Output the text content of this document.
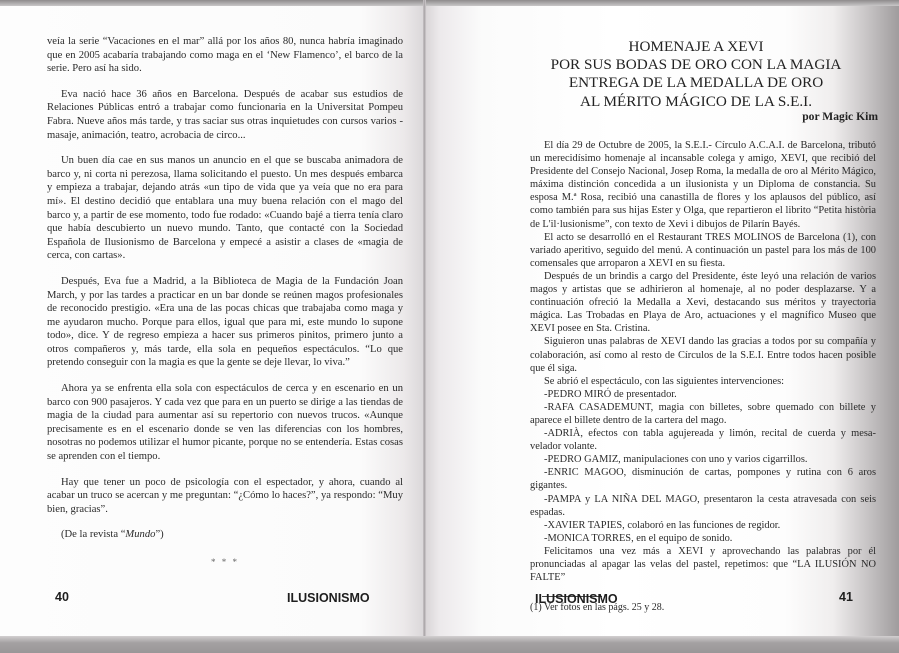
veía la serie “Vacaciones en el mar” allá por los años 80, nunca habría imaginado que en 2005 acabaría trabajando como maga en el ‘New Flamenco’, el barco de la serie. Pero así ha sido.

Eva nació hace 36 años en Barcelona. Después de acabar sus estudios de Relaciones Públicas entró a trabajar como funcionaria en la Universitat Pompeu Fabra. Nueve años más tarde, y tras saciar sus otras inquietudes con cursos varios -masaje, animación, teatro, acrobacia de circo...

Un buen día cae en sus manos un anuncio en el que se buscaba animadora de barco y, ni corta ni perezosa, llama solicitando el puesto. Un mes después embarca y empieza a trabajar, dejando atrás «un tipo de vida que ya veía que no era para mí». El destino decidió que entablara una muy buena relación con el mago del barco y, a partir de ese momento, todo fue rodado: «Cuando bajé a tierra tenía claro que había descubierto un nuevo mundo. Tanto, que contacté con la Sociedad Española de Ilusionismo de Barcelona y empecé a asistir a clases de «magia de cerca, con cartas».

Después, Eva fue a Madrid, a la Biblioteca de Magia de la Fundación Joan March, y por las tardes a practicar en un bar donde se reúnen magos profesionales de reconocido prestigio. «Era una de las pocas chicas que trabajaba como maga y me ayudaron mucho. Porque para ellos, igual que para mi, este mundo lo supone todo», dice. Y de regreso empieza a hacer sus primeros pinitos, primero junto a otros compañeros y, más tarde, ella sola en pequeños espectáculos. “Lo que pretendo conseguir con la magia es que la gente se deje llevar, lo viva.”

Ahora ya se enfrenta ella sola con espectáculos de cerca y en escenario en un barco con 900 pasajeros. Y cada vez que para en un puerto se dirige a las tiendas de magia de la ciudad para aumentar así su repertorio con nuevos trucos. «Aunque precisamente es en el escenario donde se ven las diferencias con los hombres, nosotras no podemos utilizar el humor picante, porque no se entendería. Estas cosas se aprenden con el tiempo.

Hay que tener un poco de psicología con el espectador, y ahora, cuando al acabar un truco se acercan y me preguntan: “¿Cómo lo haces?”, ya respondo: “Muy bien, gracias”.

(De la revista “Mundo”)
* * *
40	ILUSIONISMO
HOMENAJE A XEVI
POR SUS BODAS DE ORO CON LA MAGIA
ENTREGA DE LA MEDALLA DE ORO
AL MÉRITO MÁGICO DE LA S.E.I.
por Magic Kim

El día 29 de Octubre de 2005, la S.E.I.- Círculo A.C.A.I. de Barcelona, tributó un merecidísimo homenaje al incansable colega y amigo, XEVI, que recibió del Presidente del Consejo Nacional, Josep Roma, la medalla de oro al Mérito Mágico, máxima distinción concedida a un ilusionista y un Diploma de constancia. Su esposa M.ª Rosa, recibió una canastilla de flores y los aplausos del público, así como también para sus hijas Ester y Olga, que repartieron el librito “Petita història de L'il·lusionisme”, con texto de Xevi i dibujos de Pilarín Bayés.

El acto se desarrolló en el Restaurant TRES MOLINOS de Barcelona (1), con variado aperitivo, seguido del menú. A continuación un pastel para los más de 100 comensales que arroparon a XEVI en su fiesta.

Después de un brindis a cargo del Presidente, éste leyó una relación de varios magos y artistas que se adhirieron al homenaje, al no poder desplazarse. Y a continuación ofreció la Medalla a Xevi, destacando sus méritos y trayectoria mágica. Las Trobadas en Playa de Aro, actuaciones y el magnífico Museo que XEVI posee en Sta. Cristina.

Siguieron unas palabras de XEVI dando las gracias a todos por su compañía y colaboración, así como al resto de Círculos de la S.E.I. Entre todos hacen posible que él siga.

Se abrió el espectáculo, con las siguientes intervenciones:

-PEDRO MIRÓ de presentador.

-RAFA CASADEMUNT, magia con billetes, sobre quemado con billete y aparece el billete dentro de la cartera del mago.

-ADRIÀ, efectos con tabla agujereada y limón, recital de cuerda y mesa-velador volante.

-PEDRO GAMIZ, manipulaciones con uno y varios cigarrillos.

-ENRIC MAGOO, disminución de cartas, pompones y rutina con 6 aros gigantes.

-PAMPA y LA NIÑA DEL MAGO, presentaron la cesta atravesada con seis espadas.

-XAVIER TAPIES, colaboró en las funciones de regidor.

-MONICA TORRES, en el equipo de sonido.

Felicitamos una vez más a XEVI y aprovechando las palabras por él pronunciadas al apagar las velas del pastel, repetimos: que “LA ILUSIÓN NO FALTE”

(1) Ver fotos en las págs. 25 y 28.

ILUSIONISMO	41
